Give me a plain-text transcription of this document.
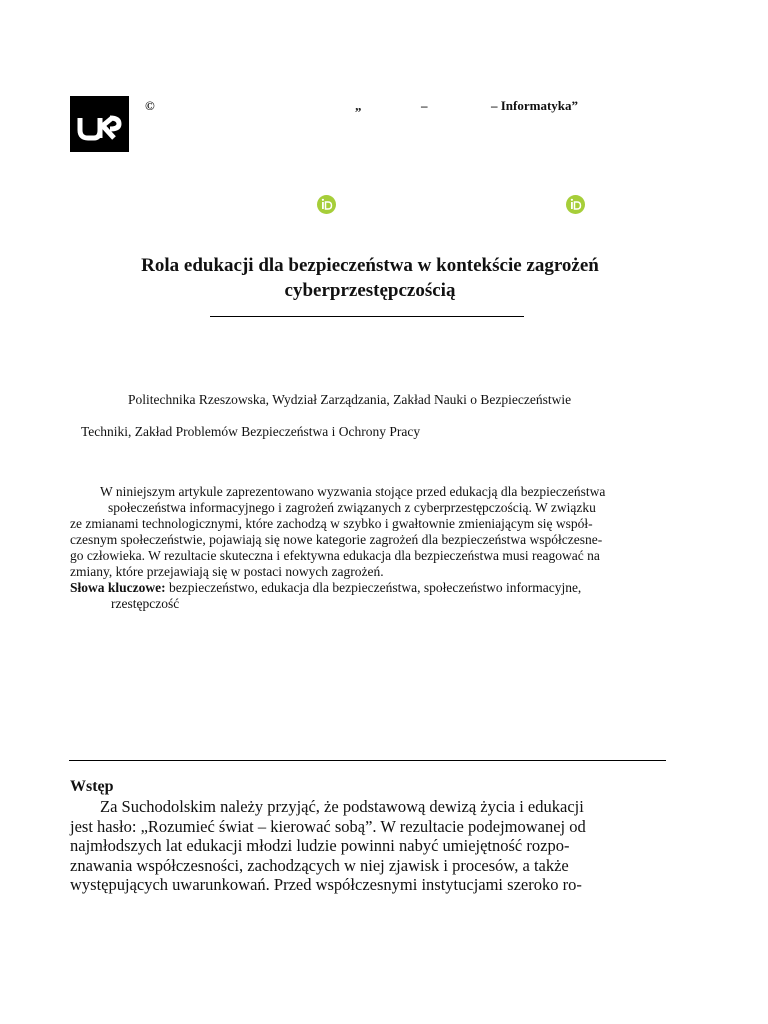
©	„	–	– Informatyka”
Rola edukacji dla bezpieczeństwa w kontekście zagrożeń
cyberprzestępczością
Politechnika Rzeszowska, Wydział Zarządzania, Zakład Nauki o Bezpieczeństwie
Techniki, Zakład Problemów Bezpieczeństwa i Ochrony Pracy
W niniejszym artykule zaprezentowano wyzwania stojące przed edukacją dla bezpieczeństwa
społeczeństwa informacyjnego i zagrożeń związanych z cyberprzestępczością. W związku
ze zmianami technologicznymi, które zachodzą w szybko i gwałtownie zmieniającym się współ-
czesnym społeczeństwie, pojawiają się nowe kategorie zagrożeń dla bezpieczeństwa współczesne-
go człowieka. W rezultacie skuteczna i efektywna edukacja dla bezpieczeństwa musi reagować na
zmiany, które przejawiają się w postaci nowych zagrożeń.
Słowa kluczowe: bezpieczeństwo, edukacja dla bezpieczeństwa, społeczeństwo informacyjne,
rzestępczość
Wstęp
Za Suchodolskim należy przyjąć, że podstawową dewizą życia i edukacji
jest hasło: „Rozumieć świat – kierować sobą”. W rezultacie podejmowanej od
najmłodszych lat edukacji młodzi ludzie powinni nabyć umiejętność rozpo-
znawania współczesności, zachodzących w niej zjawisk i procesów, a także
występujących uwarunkowań. Przed współczesnymi instytucjami szeroko ro-
